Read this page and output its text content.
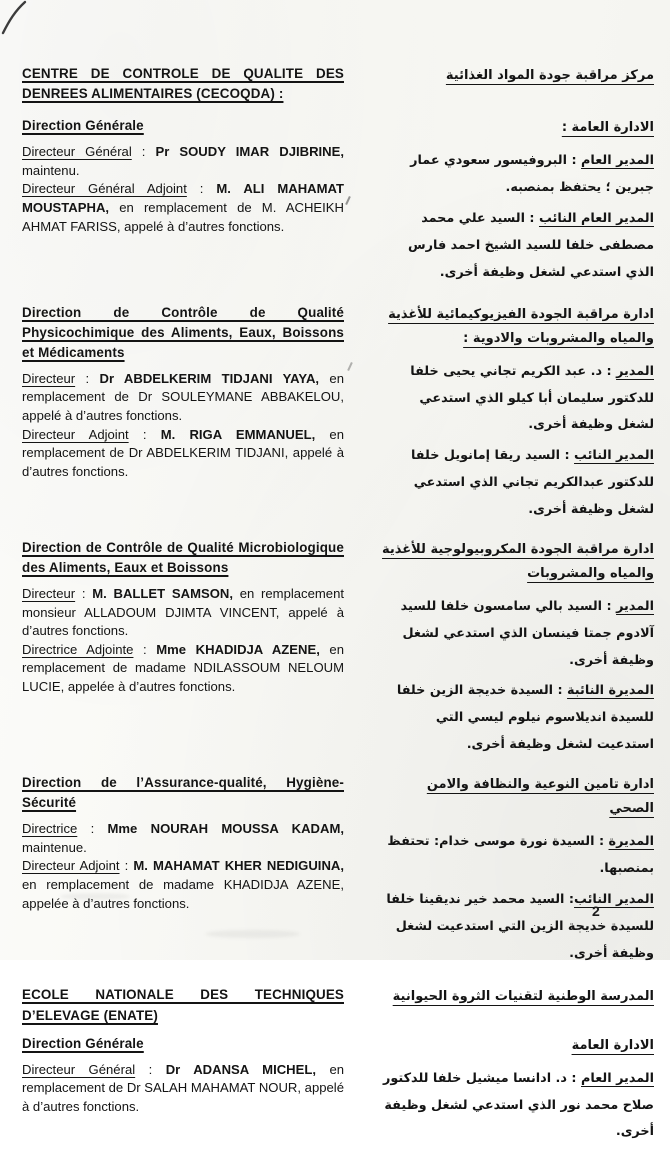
CENTRE DE CONTROLE DE QUALITE DES DENREES ALIMENTAIRES (CECOQDA) :
مركز مراقبة جودة المواد الغذائية
Direction Générale

Directeur Général : Pr SOUDY IMAR DJIBRINE, maintenu.

Directeur Général Adjoint : M. ALI MAHAMAT MOUSTAPHA, en remplacement de M. ACHEIKH AHMAT FARISS, appelé à d’autres fonctions.

الادارة العامة :

المدير العام : البروفيسور سعودي عمار جبرين ؛ يحتفظ بمنصبه.

المدير العام النائب : السيد علي محمد مصطفى خلفا للسيد الشيخ احمد فارس الذي استدعي لشغل وظيفة أخرى.

Direction de Contrôle de Qualité Physicochimique des Aliments, Eaux, Boissons et Médicaments

Directeur : Dr ABDELKERIM TIDJANI YAYA, en remplacement de Dr SOULEYMANE ABBAKELOU, appelé à d’autres fonctions.

Directeur Adjoint : M. RIGA EMMANUEL, en remplacement de Dr ABDELKERIM TIDJANI, appelé à d’autres fonctions.

ادارة مراقبة الجودة الفيزيوكيمائية للأغذية والمياه والمشروبات والادوية :

المدير : د. عبد الكريم تجاني يحيى خلفا للدكتور سليمان أبا كيلو الذي استدعي لشغل وظيفة أخرى.

المدير النائب : السيد ريقا إمانويل خلفا للدكتور عبدالكريم تجاني الذي استدعي لشغل وظيفة أخرى.

Direction de Contrôle de Qualité Microbiologique des Aliments, Eaux et Boissons

Directeur : M. BALLET SAMSON, en remplacement monsieur ALLADOUM DJIMTA VINCENT, appelé à d’autres fonctions.

Directrice Adjointe : Mme KHADIDJA AZENE, en remplacement de madame NDILASSOUM NELOUM LUCIE, appelée à d’autres fonctions.

ادارة مراقبة الجودة المكروبيولوجية للأغذية والمياه والمشروبات

المدير : السيد بالي سامسون خلفا للسيد آلادوم جمتا فينسان الذي استدعي لشغل وظيفة أخرى.

المديرة النائبة : السيدة خديجة الزين خلفا للسيدة انديلاسوم نيلوم ليسي التي استدعيت لشغل وظيفة أخرى.

Direction de l’Assurance-qualité, Hygiène-Sécurité

Directrice : Mme NOURAH MOUSSA KADAM, maintenue.

Directeur Adjoint : M. MAHAMAT KHER NEDIGUINA, en remplacement de madame KHADIDJA AZENE, appelée à d’autres fonctions.

ادارة تامين النوعية والنظافة والامن الصحي

المديرة : السيدة نورة موسى خدام: تحتفظ بمنصبها.

المدير النائب: السيد محمد خير نديقينا خلفا للسيدة خديجة الزين التي استدعيت لشغل وظيفة أخرى.

ECOLE NATIONALE DES TECHNIQUES D’ELEVAGE (ENATE)
المدرسة الوطنية لتقنيات الثروة الحيوانية
Direction Générale

Directeur Général : Dr ADANSA MICHEL, en remplacement de Dr SALAH MAHAMAT NOUR, appelé à d’autres fonctions.

الادارة العامة

المدير العام : د. ادانسا ميشيل خلفا للدكتور صلاح محمد نور الذي استدعي لشغل وظيفة أخرى.

2
